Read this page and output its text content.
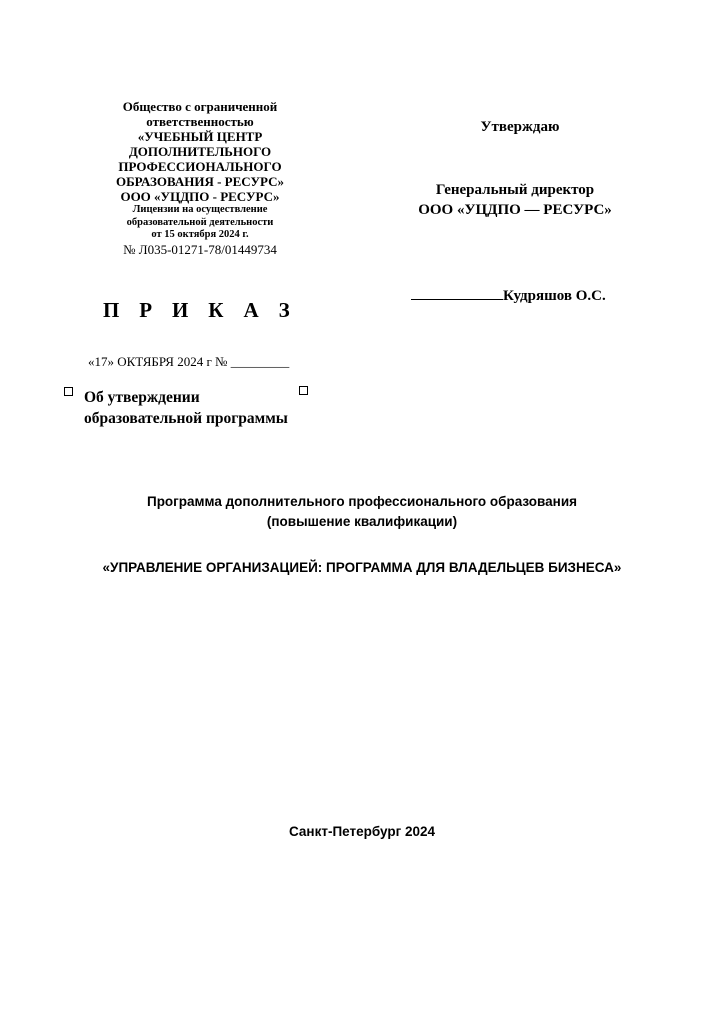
Общество с ограниченной
ответственностью
«УЧЕБНЫЙ ЦЕНТР
ДОПОЛНИТЕЛЬНОГО
ПРОФЕССИОНАЛЬНОГО
ОБРАЗОВАНИЯ - РЕСУРС»
ООО «УЦДПО - РЕСУРС»
Лицензии на осуществление
образовательной деятельности
от 15 октября 2024 г.
№ Л035-01271-78/01449734
П Р И К А З
«17» ОКТЯБРЯ 2024 г № _________
Об утверждении
образовательной программы
Утверждаю
Генеральный директор
ООО «УЦДПО — РЕСУРС»
Кудряшов О.С.
Программа дополнительного профессионального образования
(повышение квалификации)
«УПРАВЛЕНИЕ ОРГАНИЗАЦИЕЙ: ПРОГРАММА ДЛЯ ВЛАДЕЛЬЦЕВ БИЗНЕСА»
Санкт-Петербург 2024
